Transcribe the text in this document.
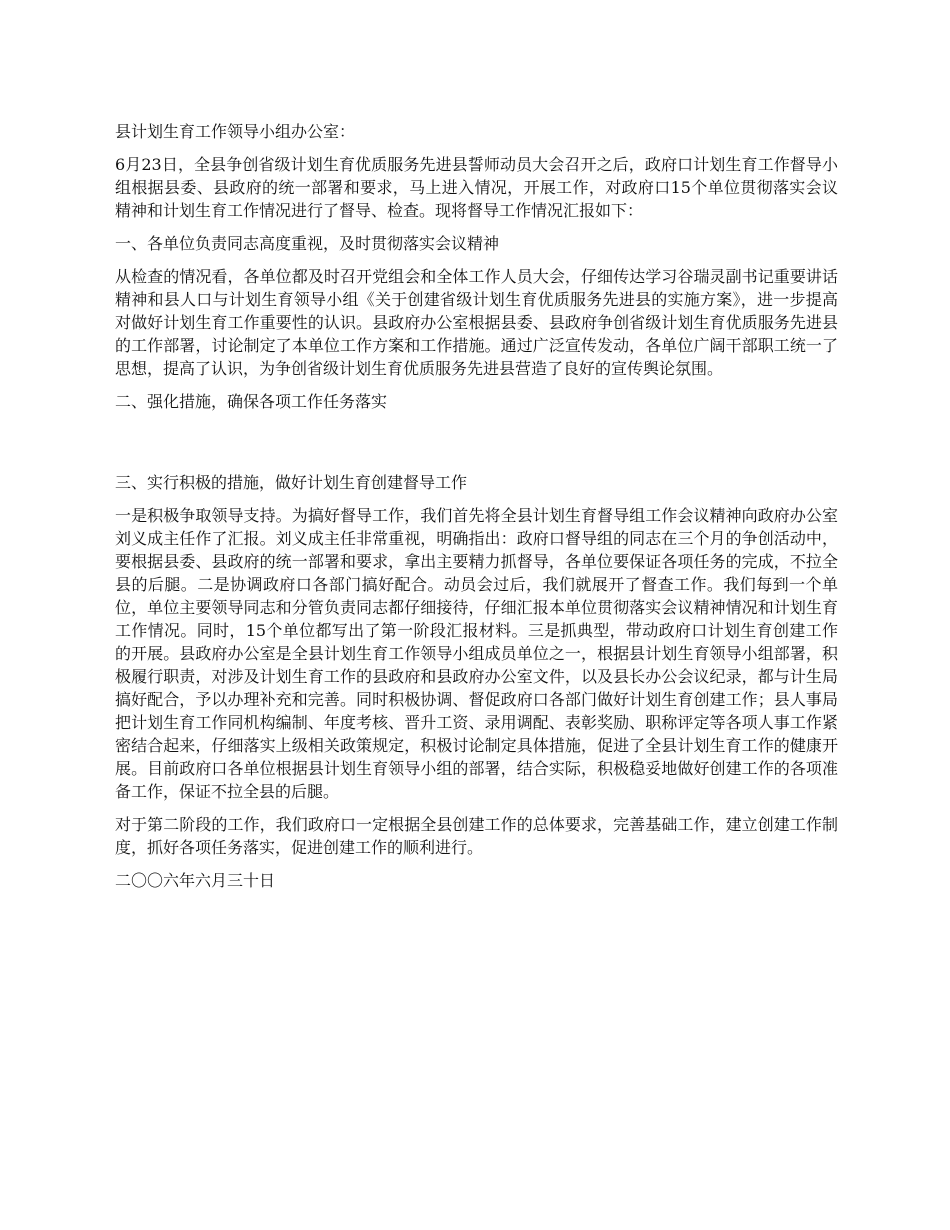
县计划生育工作领导小组办公室：

6月23日，全县争创省级计划生育优质服务先进县誓师动员大会召开之后，政府口计划生育工作督导小组根据县委、县政府的统一部署和要求，马上进入情况，开展工作，对政府口15个单位贯彻落实会议精神和计划生育工作情况进行了督导、检查。现将督导工作情况汇报如下：

一、各单位负责同志高度重视，及时贯彻落实会议精神

从检查的情况看，各单位都及时召开党组会和全体工作人员大会，仔细传达学习谷瑞灵副书记重要讲话精神和县人口与计划生育领导小组《关于创建省级计划生育优质服务先进县的实施方案》，进一步提高对做好计划生育工作重要性的认识。县政府办公室根据县委、县政府争创省级计划生育优质服务先进县的工作部署，讨论制定了本单位工作方案和工作措施。通过广泛宣传发动，各单位广阔干部职工统一了思想，提高了认识，为争创省级计划生育优质服务先进县营造了良好的宣传舆论氛围。

二、强化措施，确保各项工作任务落实

三、实行积极的措施，做好计划生育创建督导工作

一是积极争取领导支持。为搞好督导工作，我们首先将全县计划生育督导组工作会议精神向政府办公室刘义成主任作了汇报。刘义成主任非常重视，明确指出：政府口督导组的同志在三个月的争创活动中，要根据县委、县政府的统一部署和要求，拿出主要精力抓督导，各单位要保证各项任务的完成，不拉全县的后腿。二是协调政府口各部门搞好配合。动员会过后，我们就展开了督查工作。我们每到一个单位，单位主要领导同志和分管负责同志都仔细接待，仔细汇报本单位贯彻落实会议精神情况和计划生育工作情况。同时，15个单位都写出了第一阶段汇报材料。三是抓典型，带动政府口计划生育创建工作的开展。县政府办公室是全县计划生育工作领导小组成员单位之一，根据县计划生育领导小组部署，积极履行职责，对涉及计划生育工作的县政府和县政府办公室文件，以及县长办公会议纪录，都与计生局搞好配合，予以办理补充和完善。同时积极协调、督促政府口各部门做好计划生育创建工作；县人事局把计划生育工作同机构编制、年度考核、晋升工资、录用调配、表彰奖励、职称评定等各项人事工作紧密结合起来，仔细落实上级相关政策规定，积极讨论制定具体措施，促进了全县计划生育工作的健康开展。目前政府口各单位根据县计划生育领导小组的部署，结合实际，积极稳妥地做好创建工作的各项准备工作，保证不拉全县的后腿。

对于第二阶段的工作，我们政府口一定根据全县创建工作的总体要求，完善基础工作，建立创建工作制度，抓好各项任务落实，促进创建工作的顺利进行。

二〇〇六年六月三十日
